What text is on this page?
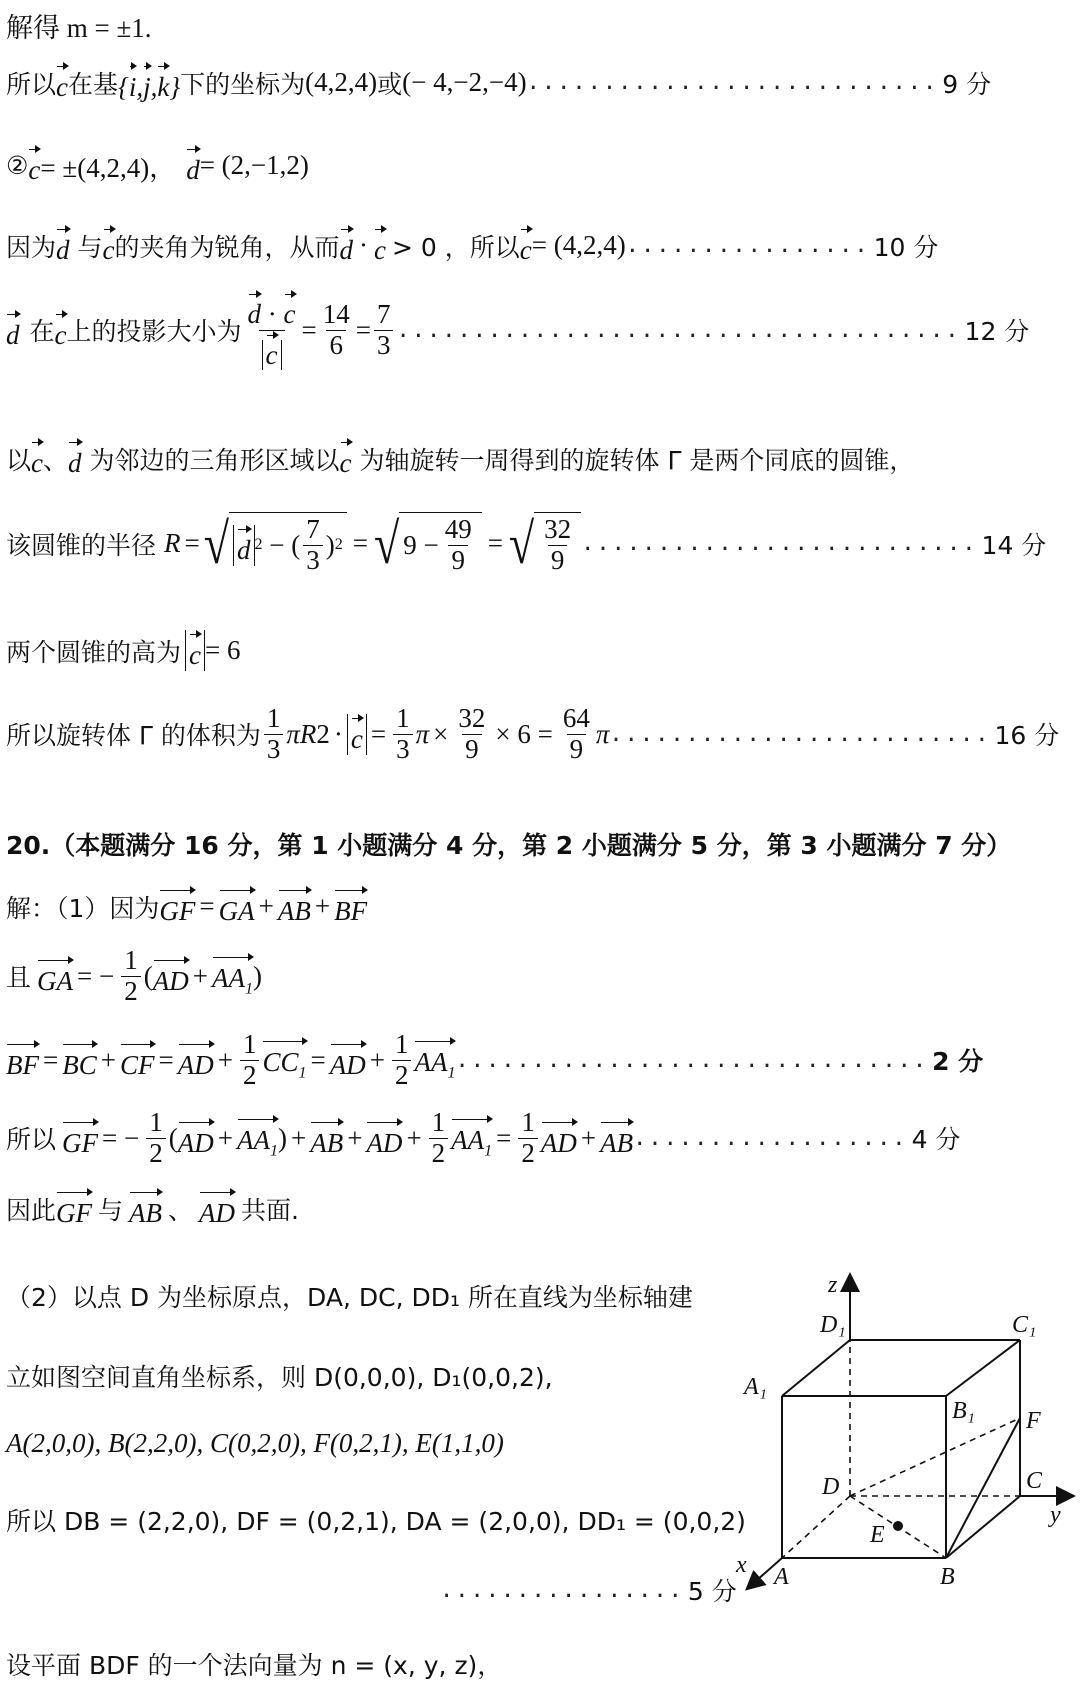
解得 m = ±1.
所以 c 在基 {i,j,k} 下的坐标为 (4,2,4) 或 (− 4,−2,−4) ........................... 9 分
② c = ±(4,2,4)， d = (2,−1,2)
因为 d 与 c 的夹角为锐角，从而 d · c > 0 ，所以 c = (4,2,4) ................ 10 分
d 在 c 上的投影大小为 $\frac{d \cdot c}{c} = \frac{14}{6} = \frac{7}{3}$ ..................................... 12 分
以 c 、 d 为邻边的三角形区域以 c 为轴旋转一周得到的旋转体 Γ 是两个同底的圆锥，
该圆锥的半径 R = √ d 2 − ( $\frac{7}{3}$ ) 2 = √ $9 - \frac{49}{9}$ = √ $\frac{32}{9}$ .......................... 14 分
两个圆锥的高为 c = 6
所以旋转体 Γ 的体积为 $\frac{1}{3}$ πR $2 \cdot c = \frac{1}{3}$ $\pi \times \frac{32}{9} \times 6 = \frac{64}{9}$ π ......................... 16 分
20.（本题满分 16 分，第 1 小题满分 4 分，第 2 小题满分 5 分，第 3 小题满分 7 分）
解：（1）因为 GF = GA + AB + BF
且 GA = − $\frac{1}{2}$ ( AD + $AA_1$ )
BF = BC + CF = AD + $\frac{1}{2} CC_1$ = AD + $\frac{1}{2} AA_1$
............................... 2 分
所以 GF = − $\frac{1}{2}$ ( AD + $AA_1$ ) + AB + AD + $\frac{1}{2} AA_1 = \frac{1}{2}$ AD + AB .................. 4 分
因此 GF 与 AB 、 AD 共面.
（2）以点 D 为坐标原点，DA, DC, DD₁ 所在直线为坐标轴建
立如图空间直角坐标系，则 D(0,0,0), D₁(0,0,2),
A(2,0,0), B(2,2,0), C(0,2,0), F(0,2,1), E(1,1,0)
所以 DB = (2,2,0), DF = (0,2,1), DA = (2,0,0), DD₁ = (0,0,2)
................ 5 分
设平面 BDF 的一个法向量为 n = (x, y, z)，
z
y
x
D₁	C₁
A₁
B₁ F
C
D
E
A	B
